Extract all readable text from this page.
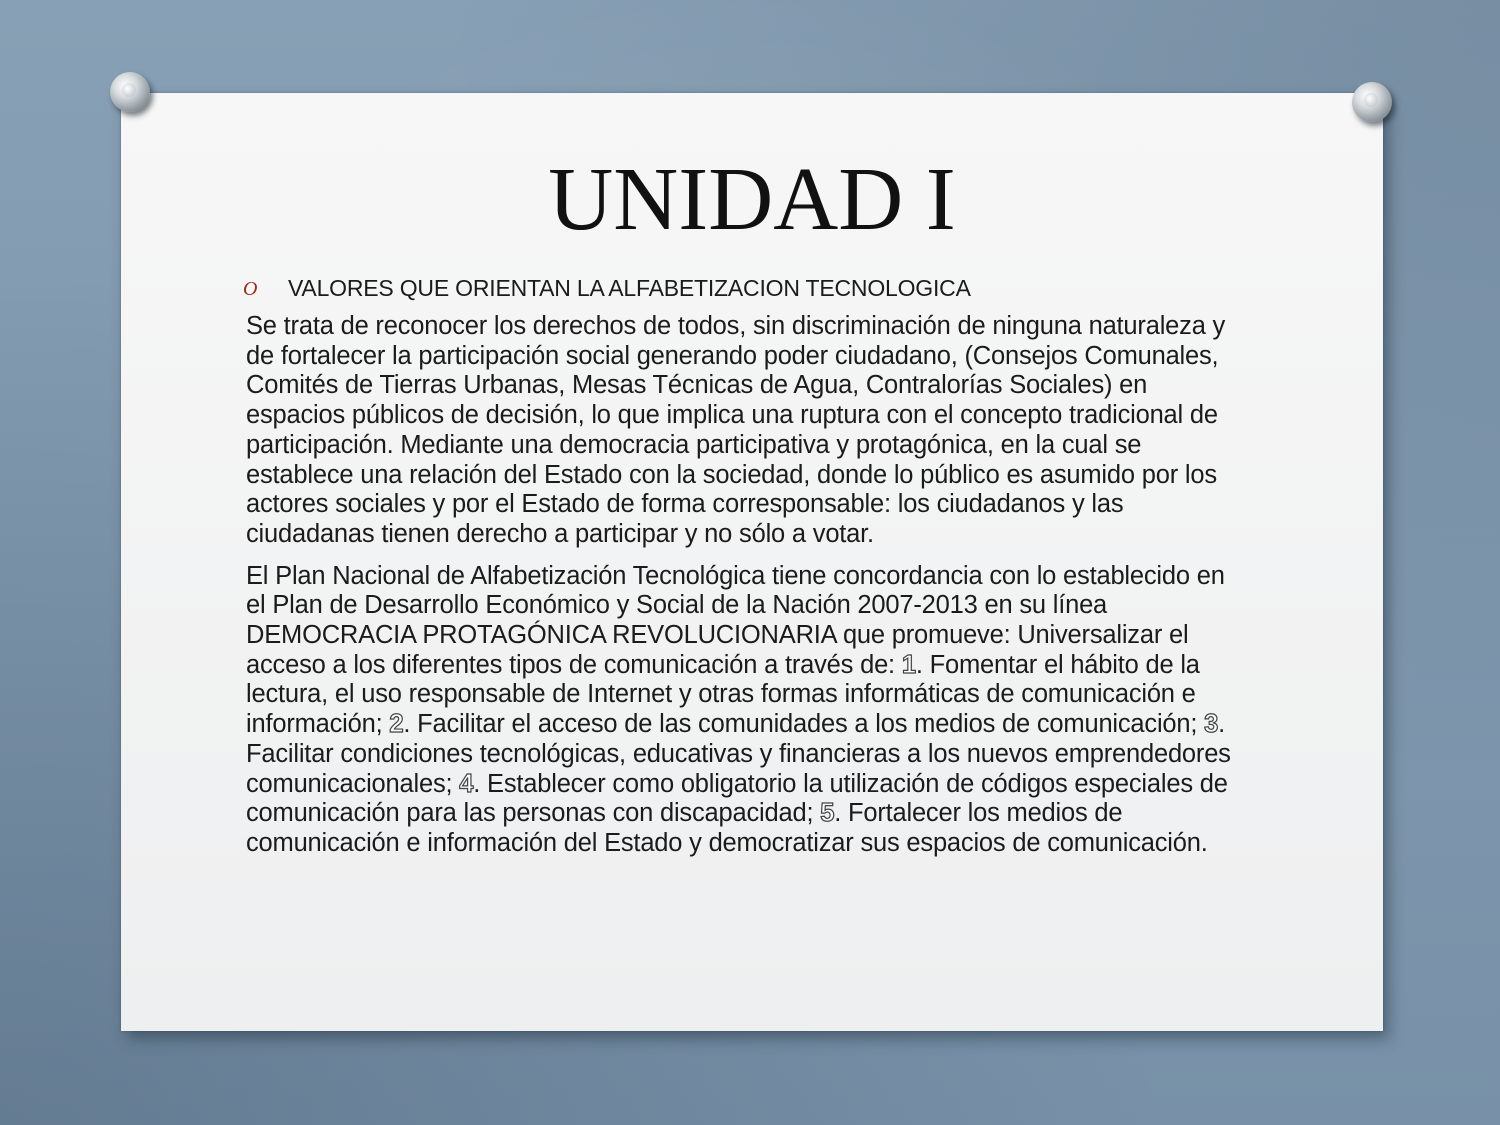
UNIDAD I
O VALORES QUE ORIENTAN LA ALFABETIZACION TECNOLOGICA

Se trata de reconocer los derechos de todos, sin discriminación de ninguna naturaleza y de fortalecer la participación social generando poder ciudadano, (Consejos Comunales, Comités de Tierras Urbanas, Mesas Técnicas de Agua, Contralorías Sociales) en espacios públicos de decisión, lo que implica una ruptura con el concepto tradicional de participación. Mediante una democracia participativa y protagónica, en la cual se establece una relación del Estado con la sociedad, donde lo público es asumido por los actores sociales y por el Estado de forma corresponsable: los ciudadanos y las ciudadanas tienen derecho a participar y no sólo a votar.

El Plan Nacional de Alfabetización Tecnológica tiene concordancia con lo establecido en el Plan de Desarrollo Económico y Social de la Nación 2007-2013 en su línea DEMOCRACIA PROTAGÓNICA REVOLUCIONARIA que promueve: Universalizar el acceso a los diferentes tipos de comunicación a través de: 1. Fomentar el hábito de la lectura, el uso responsable de Internet y otras formas informáticas de comunicación e información; 2. Facilitar el acceso de las comunidades a los medios de comunicación; 3. Facilitar condiciones tecnológicas, educativas y financieras a los nuevos emprendedores comunicacionales; 4. Establecer como obligatorio la utilización de códigos especiales de comunicación para las personas con discapacidad; 5. Fortalecer los medios de comunicación e información del Estado y democratizar sus espacios de comunicación.
